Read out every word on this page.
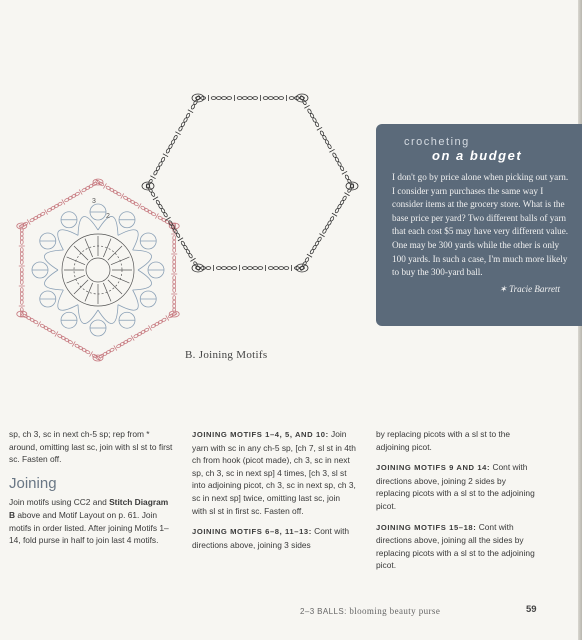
3
2
B. Joining Motifs
crocheting
on a budget

I don't go by price alone when picking out yarn. I consider yarn purchases the same way I consider items at the grocery store. What is the base price per yard? Two different balls of yarn that each cost $5 may have very different value. One may be 300 yards while the other is only 100 yards. In such a case, I'm much more likely to buy the 300-yard ball.

✶ Tracie Barrett

sp, ch 3, sc in next ch-5 sp; rep from * around, omitting last sc, join with sl st to first sc. Fasten off.

Joining

Join motifs using CC2 and Stitch Diagram B above and Motif Layout on p. 61. Join motifs in order listed. After joining Motifs 1–14, fold purse in half to join last 4 motifs.

JOINING MOTIFS 1–4, 5, AND 10: Join yarn with sc in any ch-5 sp, [ch 7, sl st in 4th ch from hook (picot made), ch 3, sc in next sp, ch 3, sc in next sp] 4 times, [ch 3, sl st into adjoining picot, ch 3, sc in next sp, ch 3, sc in next sp] twice, omitting last sc, join with sl st in first sc. Fasten off.

JOINING MOTIFS 6–8, 11–13: Cont with directions above, joining 3 sides

by replacing picots with a sl st to the adjoining picot.

JOINING MOTIFS 9 AND 14: Cont with directions above, joining 2 sides by replacing picots with a sl st to the adjoining picot.

JOINING MOTIFS 15–18: Cont with directions above, joining all the sides by replacing picots with a sl st to the adjoining picot.

2–3 BALLS: blooming beauty purse	59
